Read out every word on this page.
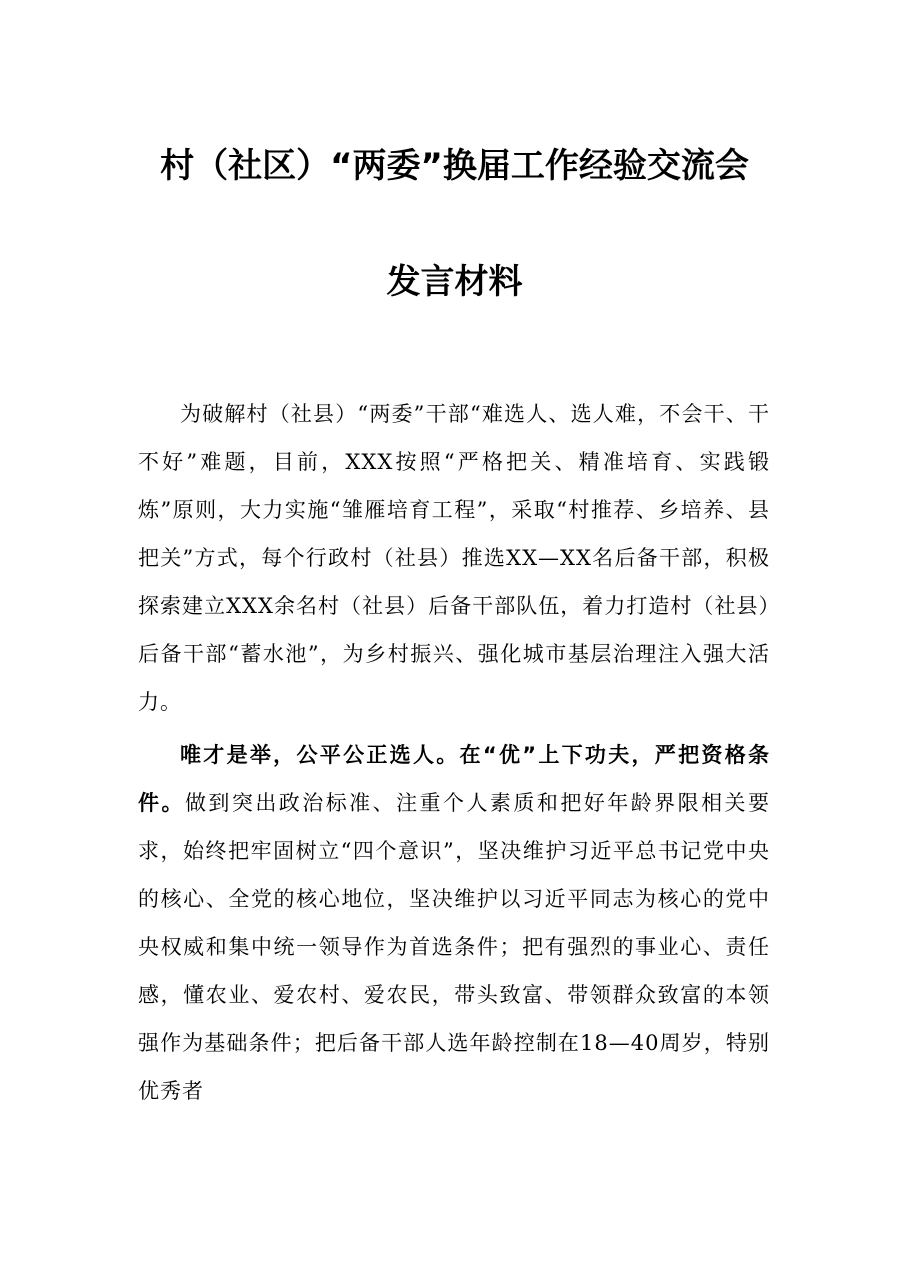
村（社区）“两委”换届工作经验交流会
发言材料

为破解村（社县）“两委”干部“难选人、选人难，不会干、干不好”难题，目前，XXX按照“严格把关、精准培育、实践锻炼”原则，大力实施“雏雁培育工程”，采取“村推荐、乡培养、县把关”方式，每个行政村（社县）推选XX—XX名后备干部，积极探索建立XXX余名村（社县）后备干部队伍，着力打造村（社县）后备干部“蓄水池”，为乡村振兴、强化城市基层治理注入强大活力。

唯才是举，公平公正选人。在“优”上下功夫，严把资格条件。做到突出政治标准、注重个人素质和把好年龄界限相关要求，始终把牢固树立“四个意识”，坚决维护习近平总书记党中央的核心、全党的核心地位，坚决维护以习近平同志为核心的党中央权威和集中统一领导作为首选条件；把有强烈的事业心、责任感，懂农业、爱农村、爱农民，带头致富、带领群众致富的本领强作为基础条件；把后备干部人选年龄控制在18—40周岁，特别优秀者
